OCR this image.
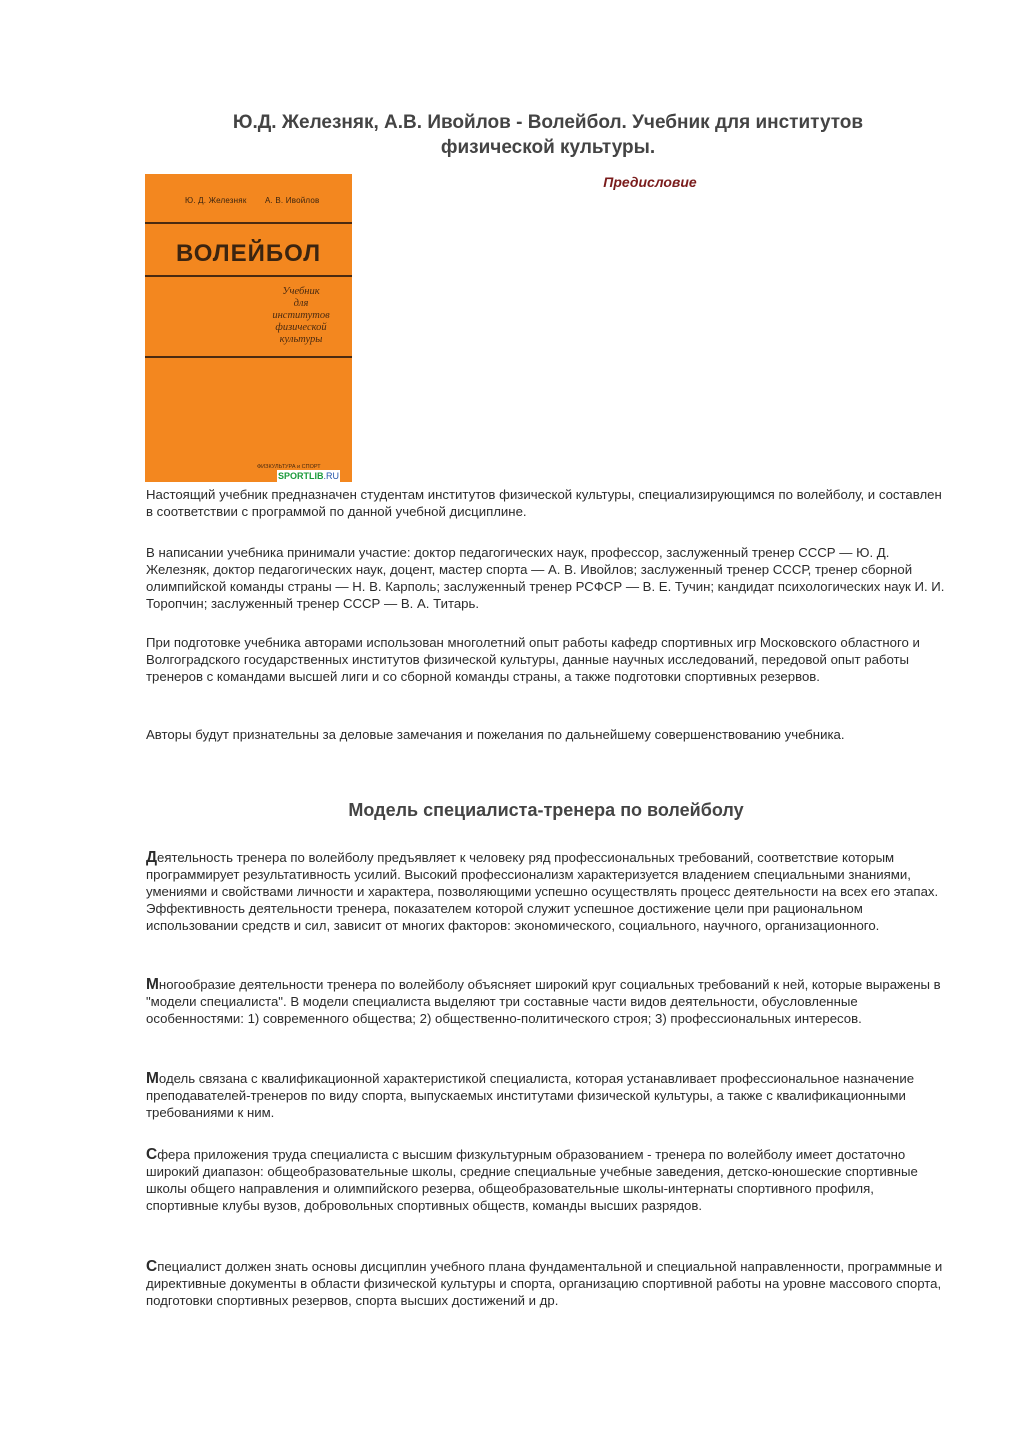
Ю.Д. Железняк, А.В. Ивойлов - Волейбол. Учебник для институтов
физической культуры.
Предисловие
Ю. Д. Железняк А. В. Ивойлов
ВОЛЕЙБОЛ
Учебник
для
институтов
физической
культуры
ФИЗКУЛЬТУРА и СПОРТ
SPORTLIB.RU

Настоящий учебник предназначен студентам институтов физической культуры, специализирующимся по волейболу, и составлен в соответствии с программой по данной учебной дисциплине.

В написании учебника принимали участие: доктор педагогических наук, профессор, заслуженный тренер СССР — Ю. Д. Железняк, доктор педагогических наук, доцент, мастер спорта — А. В. Ивойлов; заслуженный тренер СССР, тренер сборной олимпийской команды страны — Н. В. Карполь; заслуженный тренер РСФСР — В. Е. Тучин; кандидат психологических наук И. И. Торопчин; заслуженный тренер СССР — В. А. Титарь.

При подготовке учебника авторами использован многолетний опыт работы кафедр спортивных игр Московского областного и Волгоградского государственных институтов физической культуры, данные научных исследований, передовой опыт работы тренеров с командами высшей лиги и со сборной команды страны, а также подготовки спортивных резервов.

Авторы будут признательны за деловые замечания и пожелания по дальнейшему совершенствованию учебника.

Модель специалиста-тренера по волейболу

Деятельность тренера по волейболу предъявляет к человеку ряд профессиональных требований, соответствие которым программирует результативность усилий. Высокий профессионализм характеризуется владением специальными знаниями, умениями и свойствами личности и характера, позволяющими успешно осуществлять процесс деятельности на всех его этапах. Эффективность деятельности тренера, показателем которой служит успешное достижение цели при рациональном использовании средств и сил, зависит от многих факторов: экономического, социального, научного, организационного.

Многообразие деятельности тренера по волейболу объясняет широкий круг социальных требований к ней, которые выражены в "модели специалиста". В модели специалиста выделяют три составные части видов деятельности, обусловленные особенностями: 1) современного общества; 2) общественно-политического строя; 3) профессиональных интересов.

Модель связана с квалификационной характеристикой специалиста, которая устанавливает профессиональное назначение преподавателей-тренеров по виду спорта, выпускаемых институтами физической культуры, а также с квалификационными требованиями к ним.

Сфера приложения труда специалиста с высшим физкультурным образованием - тренера по волейболу имеет достаточно широкий диапазон: общеобразовательные школы, средние специальные учебные заведения, детско-юношеские спортивные школы общего направления и олимпийского резерва, общеобразовательные школы-интернаты спортивного профиля, спортивные клубы вузов, добровольных спортивных обществ, команды высших разрядов.

Специалист должен знать основы дисциплин учебного плана фундаментальной и специальной направленности, программные и директивные документы в области физической культуры и спорта, организацию спортивной работы на уровне массового спорта, подготовки спортивных резервов, спорта высших достижений и др.
